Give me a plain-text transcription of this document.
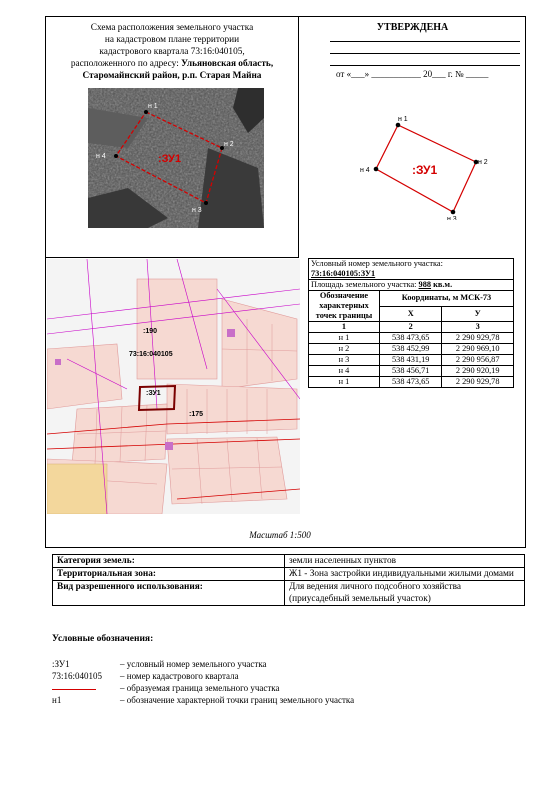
Схема расположения земельного участка
на кадастровом плане территории
кадастрового квартала 73:16:040105,
расположенного по адресу: Ульяновская область,
Старомайнский район, р.п. Старая Майна
УТВЕРЖДЕНА
от «___» ___________ 20___ г. № _____
н 1
н 2
н 3
н 4	:ЗУ1
н 1
н 2
н 3
н 4	:ЗУ1
:190
73:16:040105
:ЗУ1
:175
Условный номер земельного участка:		
73:16:040105:ЗУ1		
Площадь земельного участка: 988 кв.м.		
Обозначение характерных точек границы	Координаты, м МСК-73	
	X	У
1	2	3
н 1	538 473,65	2 290 929,78
н 2	538 452,99	2 290 969,10
н 3	538 431,19	2 290 956,87
н 4	538 456,71	2 290 920,19
н 1	538 473,65	2 290 929,78
Масштаб 1:500
Категория земель:	земли населенных пунктов
Территориальная зона:	Ж1 - Зона застройки индивидуальными жилыми домами
Вид разрешенного использования:	Для ведения личного подсобного хозяйства (приусадебный земельный участок)
Условные обозначения:
:ЗУ1	– условный номер земельного участка
73:16:040105 – номер кадастрового квартала
– образуемая граница земельного участка
н1	– обозначение характерной точки границ земельного участка
